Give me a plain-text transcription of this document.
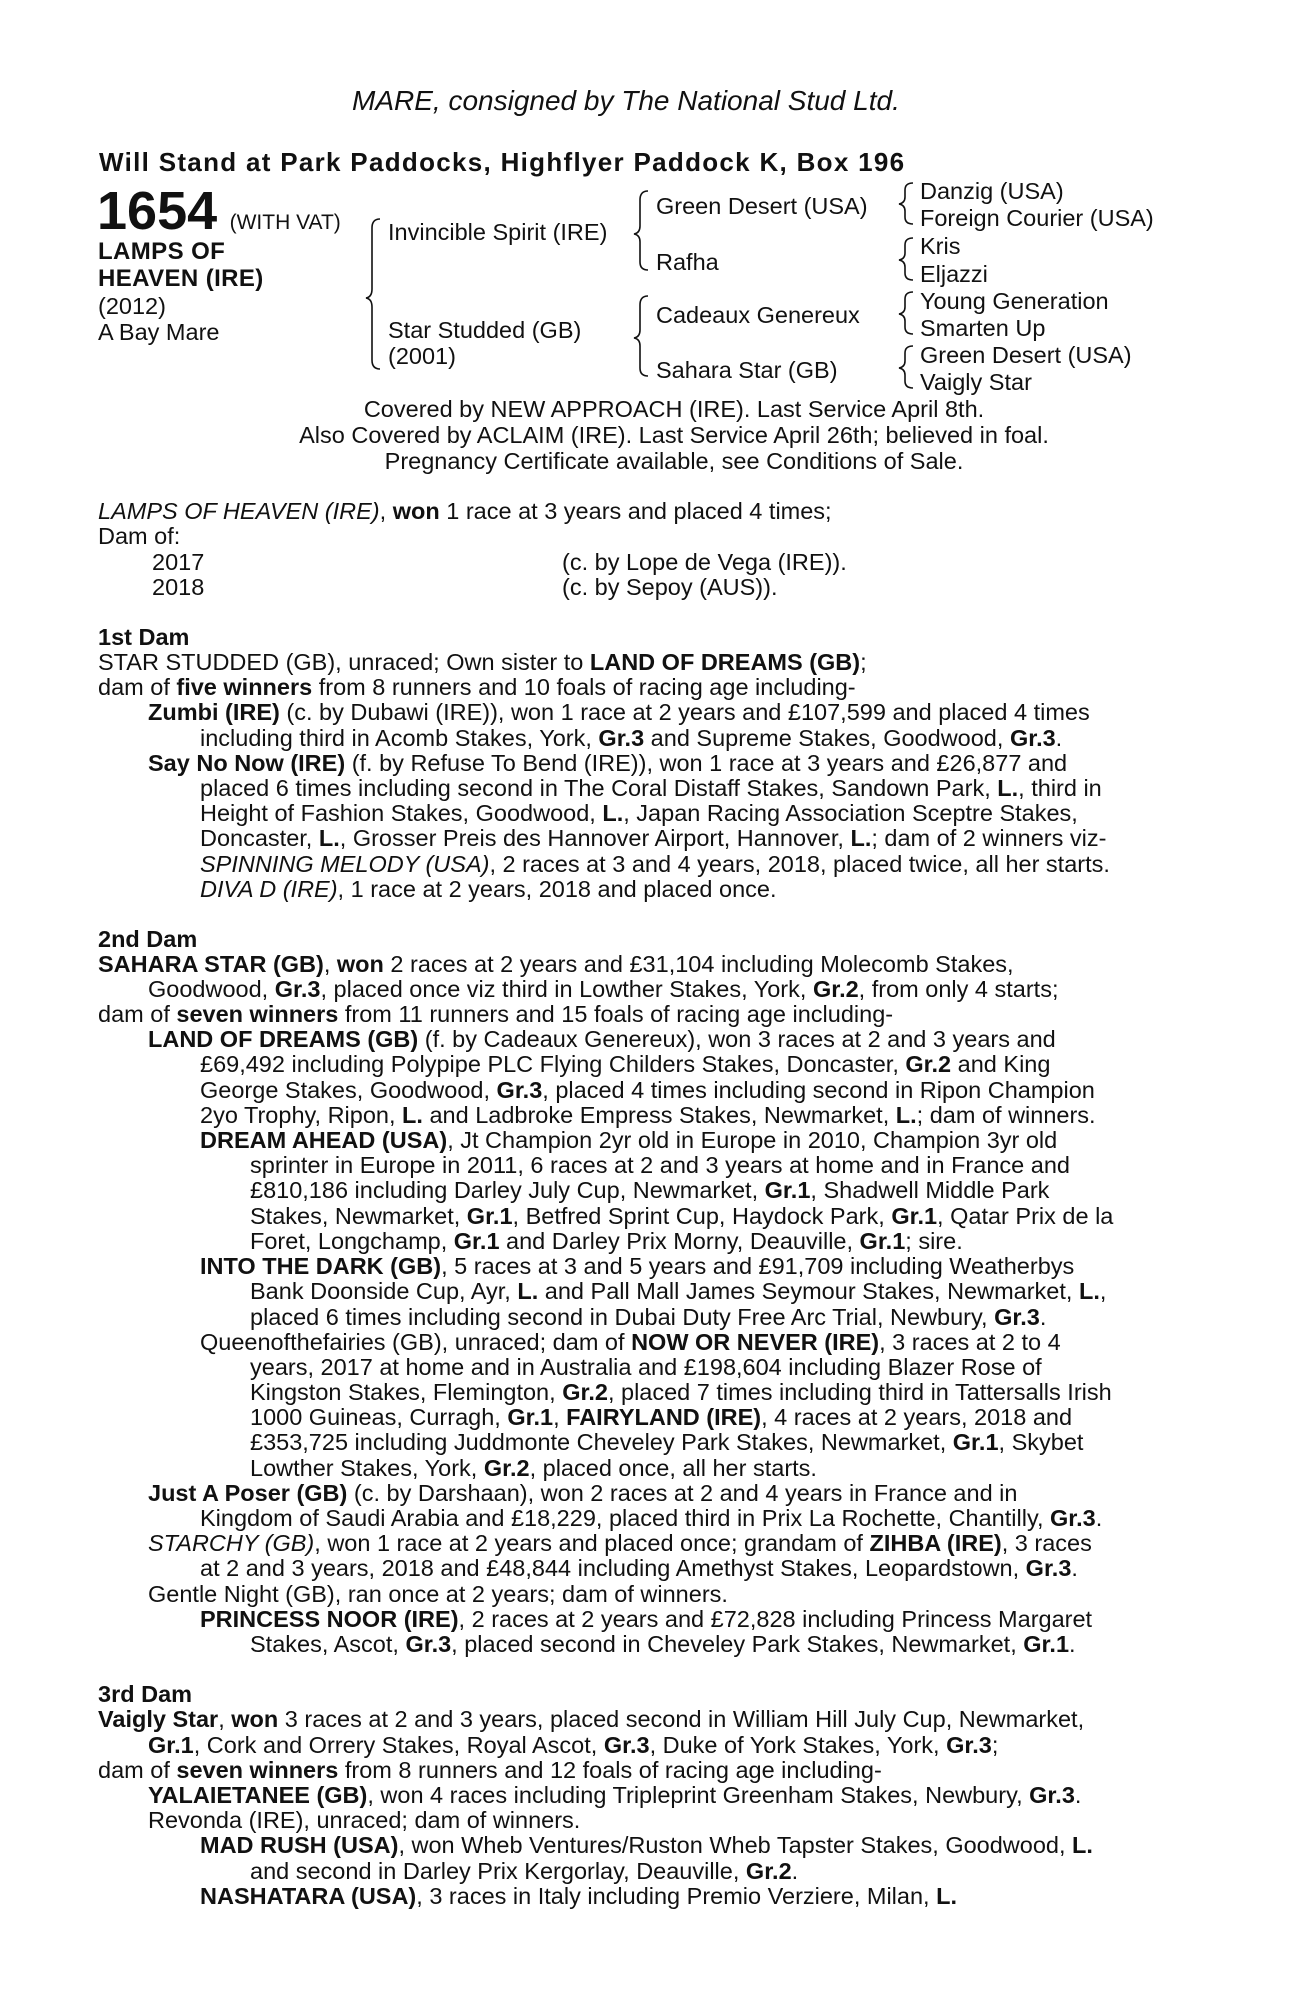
MARE, consigned by The National Stud Ltd.
Will Stand at Park Paddocks, Highflyer Paddock K, Box 196
1654 (WITH VAT)
LAMPS OF
HEAVEN (IRE)
(2012)
A Bay Mare
Invincible Spirit (IRE)
Star Studded (GB)
(2001)
Green Desert (USA)
Rafha
Cadeaux Genereux
Sahara Star (GB)
Danzig (USA)
Foreign Courier (USA)
Kris
Eljazzi
Young Generation
Smarten Up
Green Desert (USA)
Vaigly Star
Covered by NEW APPROACH (IRE). Last Service April 8th.
Also Covered by ACLAIM (IRE). Last Service April 26th; believed in foal.
Pregnancy Certificate available, see Conditions of Sale.
LAMPS OF HEAVEN (IRE), won 1 race at 3 years and placed 4 times;
Dam of:
2017	(c. by Lope de Vega (IRE)).
2018	(c. by Sepoy (AUS)).
1st Dam
STAR STUDDED (GB), unraced; Own sister to LAND OF DREAMS (GB);
dam of five winners from 8 runners and 10 foals of racing age including-
Zumbi (IRE) (c. by Dubawi (IRE)), won 1 race at 2 years and £107,599 and placed 4 times
including third in Acomb Stakes, York, Gr.3 and Supreme Stakes, Goodwood, Gr.3.
Say No Now (IRE) (f. by Refuse To Bend (IRE)), won 1 race at 3 years and £26,877 and
placed 6 times including second in The Coral Distaff Stakes, Sandown Park, L., third in
Height of Fashion Stakes, Goodwood, L., Japan Racing Association Sceptre Stakes,
Doncaster, L., Grosser Preis des Hannover Airport, Hannover, L.; dam of 2 winners viz-
SPINNING MELODY (USA), 2 races at 3 and 4 years, 2018, placed twice, all her starts.
DIVA D (IRE), 1 race at 2 years, 2018 and placed once.
2nd Dam
SAHARA STAR (GB), won 2 races at 2 years and £31,104 including Molecomb Stakes,
Goodwood, Gr.3, placed once viz third in Lowther Stakes, York, Gr.2, from only 4 starts;
dam of seven winners from 11 runners and 15 foals of racing age including-
LAND OF DREAMS (GB) (f. by Cadeaux Genereux), won 3 races at 2 and 3 years and
£69,492 including Polypipe PLC Flying Childers Stakes, Doncaster, Gr.2 and King
George Stakes, Goodwood, Gr.3, placed 4 times including second in Ripon Champion
2yo Trophy, Ripon, L. and Ladbroke Empress Stakes, Newmarket, L.; dam of winners.
DREAM AHEAD (USA), Jt Champion 2yr old in Europe in 2010, Champion 3yr old
sprinter in Europe in 2011, 6 races at 2 and 3 years at home and in France and
£810,186 including Darley July Cup, Newmarket, Gr.1, Shadwell Middle Park
Stakes, Newmarket, Gr.1, Betfred Sprint Cup, Haydock Park, Gr.1, Qatar Prix de la
Foret, Longchamp, Gr.1 and Darley Prix Morny, Deauville, Gr.1; sire.
INTO THE DARK (GB), 5 races at 3 and 5 years and £91,709 including Weatherbys
Bank Doonside Cup, Ayr, L. and Pall Mall James Seymour Stakes, Newmarket, L.,
placed 6 times including second in Dubai Duty Free Arc Trial, Newbury, Gr.3.
Queenofthefairies (GB), unraced; dam of NOW OR NEVER (IRE), 3 races at 2 to 4
years, 2017 at home and in Australia and £198,604 including Blazer Rose of
Kingston Stakes, Flemington, Gr.2, placed 7 times including third in Tattersalls Irish
1000 Guineas, Curragh, Gr.1, FAIRYLAND (IRE), 4 races at 2 years, 2018 and
£353,725 including Juddmonte Cheveley Park Stakes, Newmarket, Gr.1, Skybet
Lowther Stakes, York, Gr.2, placed once, all her starts.
Just A Poser (GB) (c. by Darshaan), won 2 races at 2 and 4 years in France and in
Kingdom of Saudi Arabia and £18,229, placed third in Prix La Rochette, Chantilly, Gr.3.
STARCHY (GB), won 1 race at 2 years and placed once; grandam of ZIHBA (IRE), 3 races
at 2 and 3 years, 2018 and £48,844 including Amethyst Stakes, Leopardstown, Gr.3.
Gentle Night (GB), ran once at 2 years; dam of winners.
PRINCESS NOOR (IRE), 2 races at 2 years and £72,828 including Princess Margaret
Stakes, Ascot, Gr.3, placed second in Cheveley Park Stakes, Newmarket, Gr.1.
3rd Dam
Vaigly Star, won 3 races at 2 and 3 years, placed second in William Hill July Cup, Newmarket,
Gr.1, Cork and Orrery Stakes, Royal Ascot, Gr.3, Duke of York Stakes, York, Gr.3;
dam of seven winners from 8 runners and 12 foals of racing age including-
YALAIETANEE (GB), won 4 races including Tripleprint Greenham Stakes, Newbury, Gr.3.
Revonda (IRE), unraced; dam of winners.
MAD RUSH (USA), won Wheb Ventures/Ruston Wheb Tapster Stakes, Goodwood, L.
and second in Darley Prix Kergorlay, Deauville, Gr.2.
NASHATARA (USA), 3 races in Italy including Premio Verziere, Milan, L.
